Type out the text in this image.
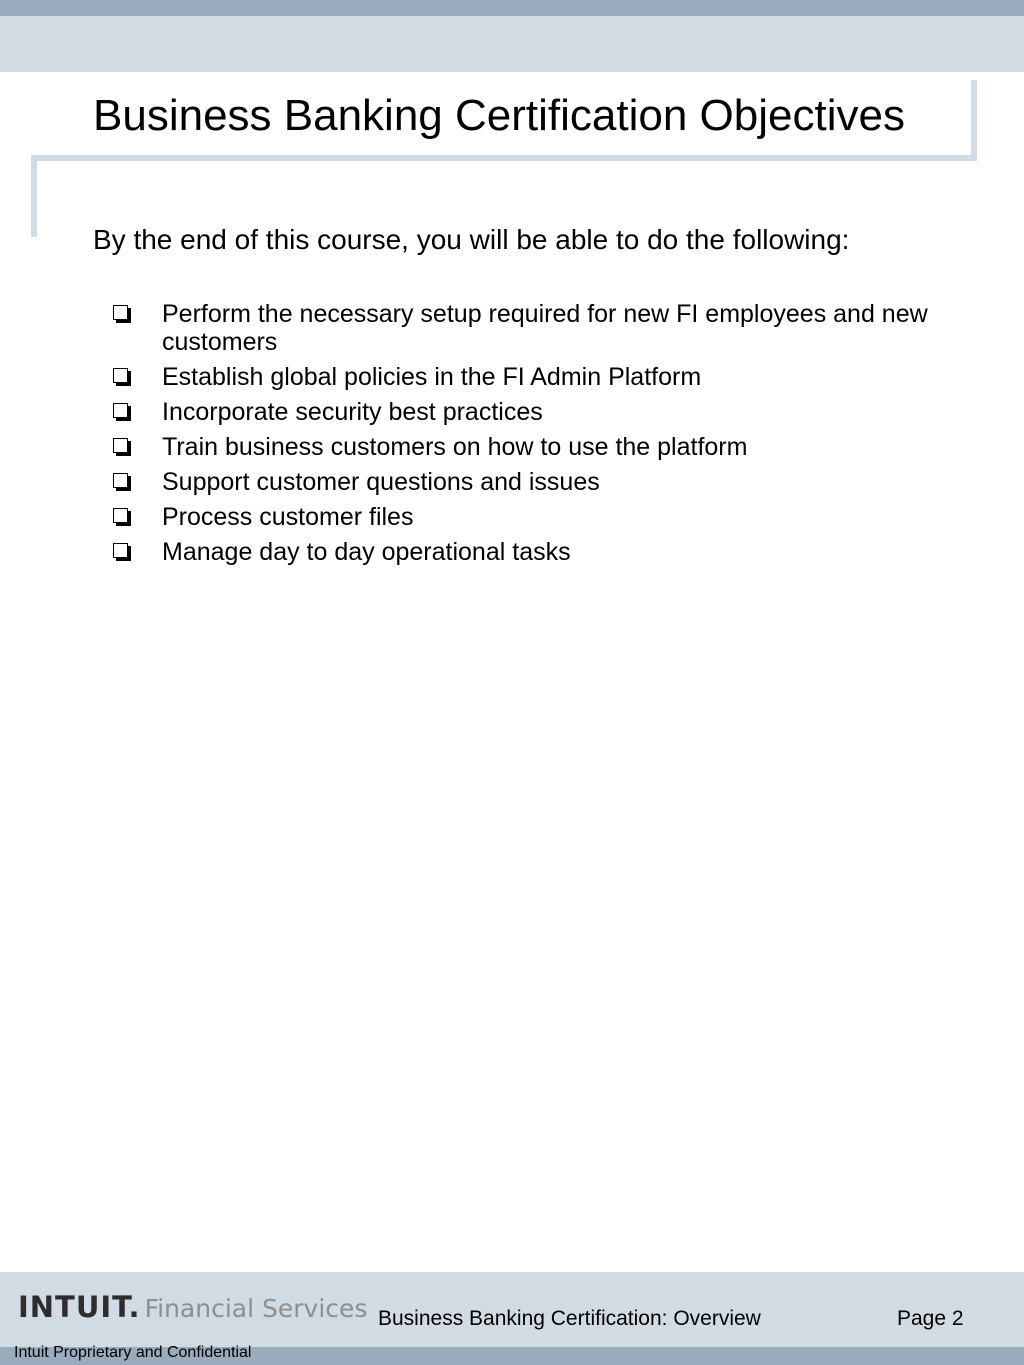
Business Banking Certification Objectives

By the end of this course, you will be able to do the following:

Perform the necessary setup required for new FI employees and new customers
Establish global policies in the FI Admin Platform
Incorporate security best practices
Train business customers on how to use the platform
Support customer questions and issues
Process customer files
Manage day to day operational tasks
INTUIT. Financial Services Business Banking Certification: Overview	Page 2
Intuit Proprietary and Confidential
